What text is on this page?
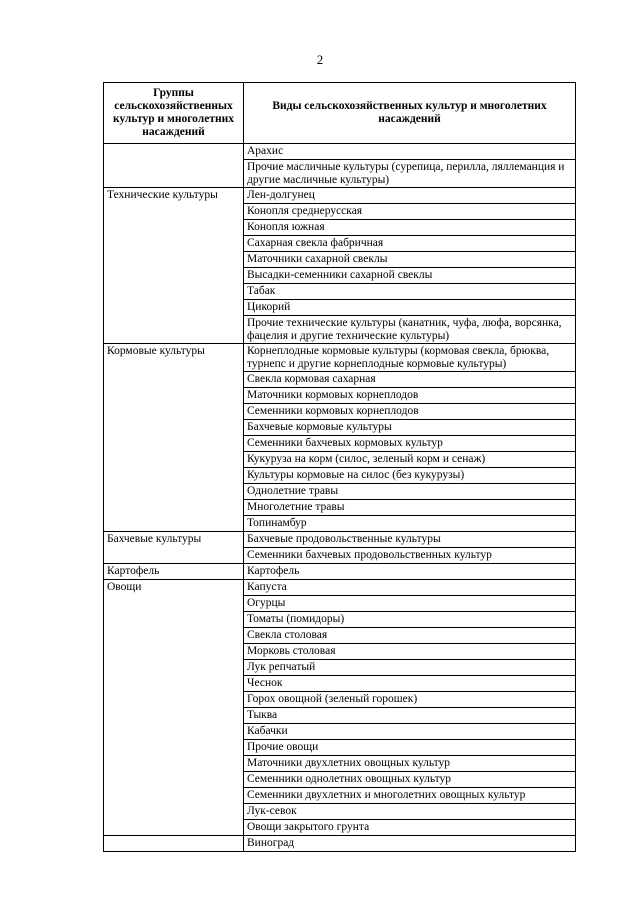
2
Группы сельскохозяйственных культур и многолетних насаждений	Виды сельскохозяйственных культур и многолетних насаждений

	Арахис
	Прочие масличные культуры (сурепица, перилла, ляллеманция и другие масличные культуры)
Технические культуры	Лен-долгунец
	Конопля среднерусская
	Конопля южная
	Сахарная свекла фабричная
	Маточники сахарной свеклы
	Высадки-семенники сахарной свеклы
	Табак
	Цикорий
	Прочие технические культуры (канатник, чуфа, люфа, ворсянка, фацелия и другие технические культуры)
Кормовые культуры	Корнеплодные кормовые культуры (кормовая свекла, брюква, турнепс и другие корнеплодные кормовые культуры)
	Свекла кормовая сахарная
	Маточники кормовых корнеплодов
	Семенники кормовых корнеплодов
	Бахчевые кормовые культуры
	Семенники бахчевых кормовых культур
	Кукуруза на корм (силос, зеленый корм и сенаж)
	Культуры кормовые на силос (без кукурузы)
	Однолетние травы
	Многолетние травы
	Топинамбур
Бахчевые культуры	Бахчевые продовольственные культуры
	Семенники бахчевых продовольственных культур
Картофель	Картофель
Овощи	Капуста
	Огурцы
	Томаты (помидоры)
	Свекла столовая
	Морковь столовая
	Лук репчатый
	Чеснок
	Горох овощной (зеленый горошек)
	Тыква
	Кабачки
	Прочие овощи
	Маточники двухлетних овощных культур
	Семенники однолетних овощных культур
	Семенники двухлетних и многолетних овощных культур
	Лук-севок
	Овощи закрытого грунта
	Виноград
